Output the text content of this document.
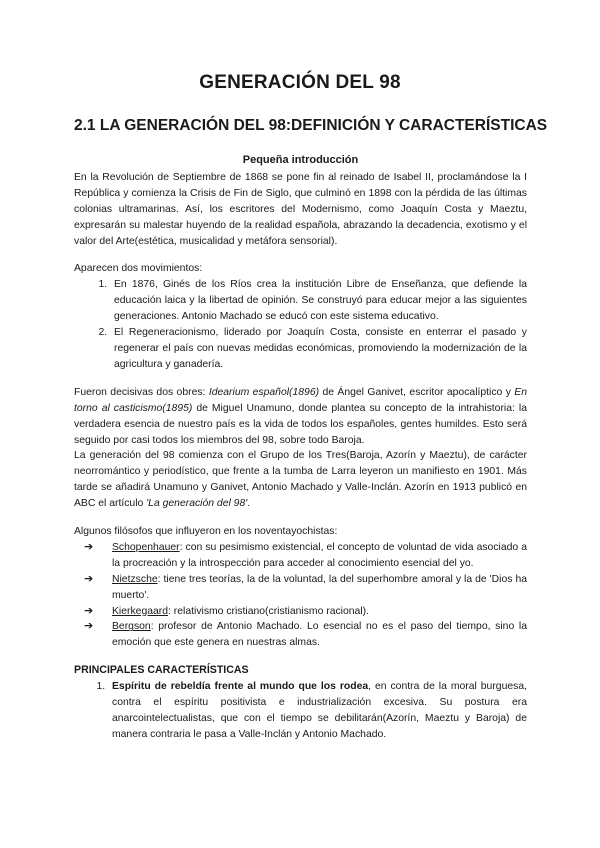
GENERACIÓN DEL 98
2.1 LA GENERACIÓN DEL 98:DEFINICIÓN Y CARACTERÍSTICAS

Pequeña introducción

En la Revolución de Septiembre de 1868 se pone fin al reinado de Isabel II, proclamándose la I República y comienza la Crisis de Fin de Siglo, que culminó en 1898 con la pérdida de las últimas colonias ultramarinas. Así, los escritores del Modernismo, como Joaquín Costa y Maeztu, expresarán su malestar huyendo de la realidad española, abrazando la decadencia, exotismo y el valor del Arte(estética, musicalidad y metáfora sensorial).

Aparecen dos movimientos:

1. En 1876, Ginés de los Ríos crea la institución Libre de Enseñanza, que defiende la educación laica y la libertad de opinión. Se construyó para educar mejor a las siguientes generaciones. Antonio Machado se educó con este sistema educativo.
2. El Regeneracionismo, liderado por Joaquín Costa, consiste en enterrar el pasado y regenerar el país con nuevas medidas económicas, promoviendo la modernización de la agricultura y ganadería.

Fueron decisivas dos obres: Idearium español(1896) de Ángel Ganivet, escritor apocalíptico y En torno al casticismo(1895) de Miguel Unamuno, donde plantea su concepto de la intrahistoria: la verdadera esencia de nuestro país es la vida de todos los españoles, gentes humildes. Esto será seguido por casi todos los miembros del 98, sobre todo Baroja.

La generación del 98 comienza con el Grupo de los Tres(Baroja, Azorín y Maeztu), de carácter neorromántico y periodístico, que frente a la tumba de Larra leyeron un manifiesto en 1901. Más tarde se añadirá Unamuno y Ganivet, Antonio Machado y Valle-Inclán. Azorín en 1913 publicó en ABC el artículo 'La generación del 98'.

Algunos filósofos que influyeron en los noventayochistas:

➔ Schopenhauer: con su pesimismo existencial, el concepto de voluntad de vida asociado a la procreación y la introspección para acceder al conocimiento esencial del yo.
➔ Nietzsche: tiene tres teorías, la de la voluntad, la del superhombre amoral y la de 'Dios ha muerto'.
➔ Kierkegaard: relativismo cristiano(cristianismo racional).
➔ Bergson: profesor de Antonio Machado. Lo esencial no es el paso del tiempo, sino la emoción que este genera en nuestras almas.

PRINCIPALES CARACTERÍSTICAS

1. Espíritu de rebeldía frente al mundo que los rodea, en contra de la moral burguesa, contra el espíritu positivista e industrialización excesiva. Su postura era anarcointelectualistas, que con el tiempo se debilitarán(Azorín, Maeztu y Baroja) de manera contraria le pasa a Valle-Inclán y Antonio Machado.
